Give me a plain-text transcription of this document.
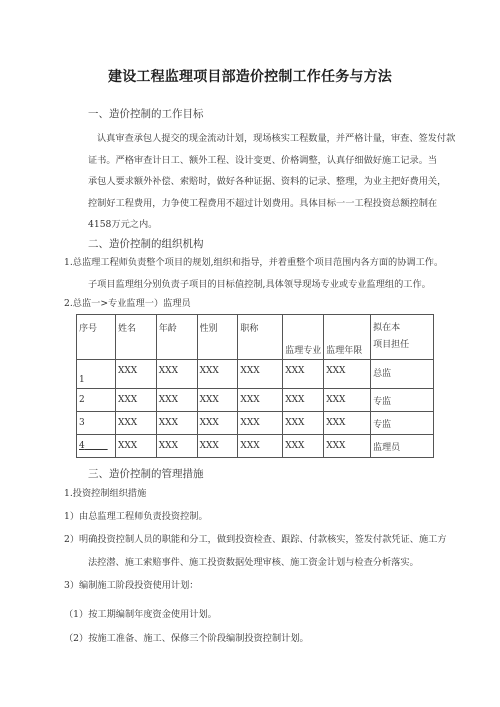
建设工程监理项目部造价控制工作任务与方法
一、造价控制的工作目标
认真审查承包人提交的现金流动计划，现场核实工程数量，并严格计量，审查、签发付款
证书。严格审查计日工、额外工程、设计变更、价格调整，认真仔细做好施工记录。当
承包人要求额外补偿、索赔时，做好各种证据、资料的记录、整理，为业主把好费用关，
控制好工程费用，力争使工程费用不超过计划费用。具体目标一一工程投资总额控制在
4158万元之内。
二、造价控制的组织机构
1.总监理工程师负责整个项目的规划,组织和指导，并着重整个项目范围内各方面的协调工作。
子项目监理组分别负责子项目的目标值控制,具体领导现场专业或专业监理组的工作。
2.总监一>专业监理一）监理员
序号	姓名	年龄	性别	职称	监理专业	监理年限	拟在本
项目担任

1	XXX	XXX	XXX	XXX	XXX	XXX	总监
2	XXX	XXX	XXX	XXX	XXX	XXX	专监
3	XXX	XXX	XXX	XXX	XXX	XXX	专监
4	XXX	XXX	XXX	XXX	XXX	XXX	监理员
三、造价控制的管理措施
1.投资控制组织措施
1）由总监理工程师负责投资控制。
2）明确投资控制人员的职能和分工，做到投资检查、跟踪、付款核实，签发付款凭证、施工方
法控潜、施工索赔事件、施工投资数据处理审核、施工资金计划与检查分析落实。
3）编制施工阶段投资使用计划：
（1）按工期编制年度资金使用计划。
（2）按施工准备、施工、保修三个阶段编制投资控制计划。
